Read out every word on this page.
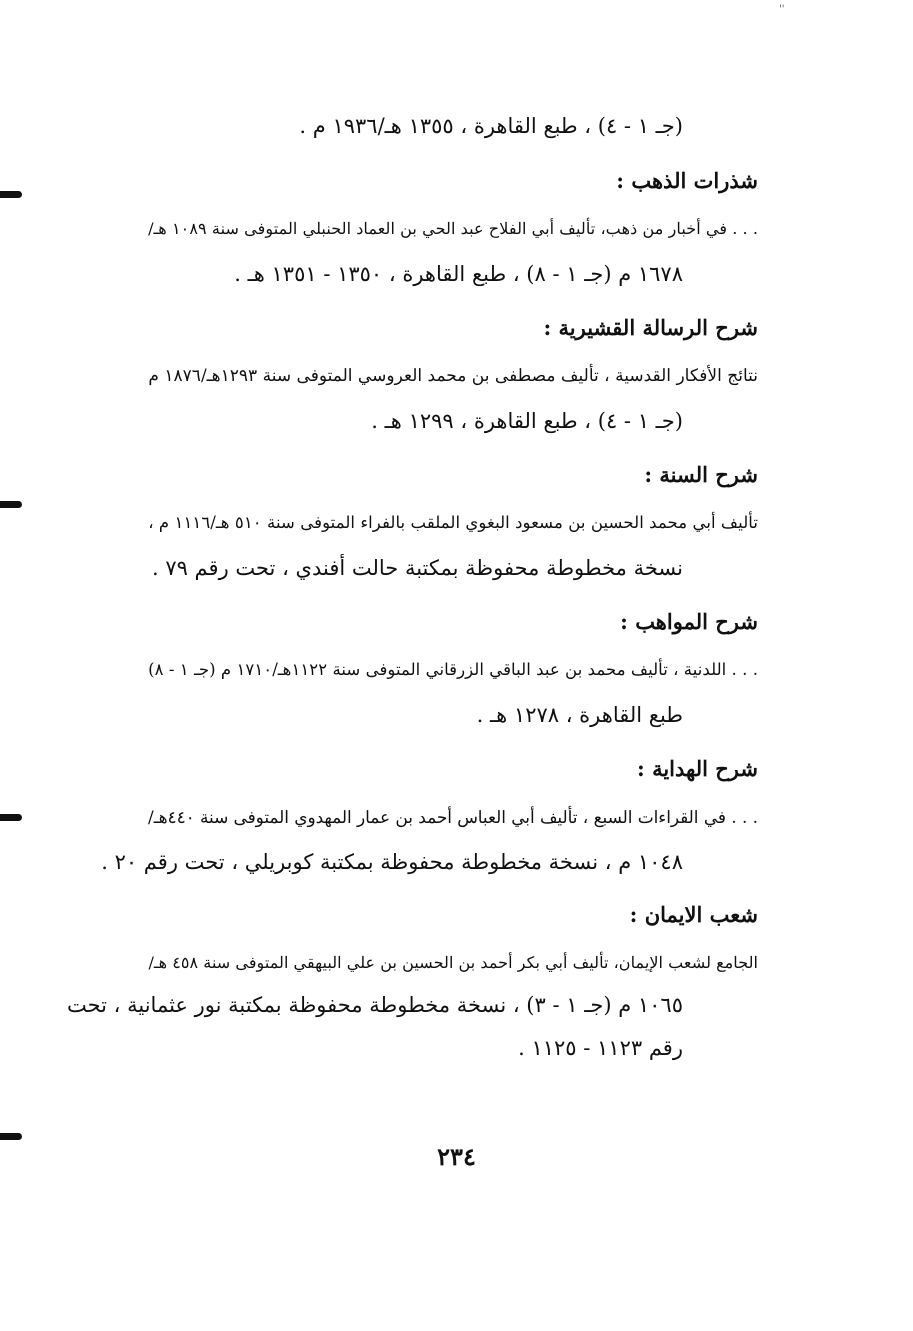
''
(جـ ١ - ٤) ، طبع القاهرة ، ١٣٥٥ هـ/١٩٣٦ م .
شذرات الذهب :
. . . في أخبار من ذهب، تأليف أبي الفلاح عبد الحي بن العماد الحنبلي المتوفى سنة ١٠٨٩ هـ/
١٦٧٨ م (جـ ١ - ٨) ، طبع القاهرة ، ١٣٥٠ - ١٣٥١ هـ .
شرح الرسالة القشيرية :
نتائج الأفكار القدسية ، تأليف مصطفى بن محمد العروسي المتوفى سنة ١٢٩٣هـ/١٨٧٦ م
(جـ ١ - ٤) ، طبع القاهرة ، ١٢٩٩ هـ .
شرح السنة :
تأليف أبي محمد الحسين بن مسعود البغوي الملقب بالفراء المتوفى سنة ٥١٠ هـ/١١١٦ م ،
نسخة مخطوطة محفوظة بمكتبة حالت أفندي ، تحت رقم ٧٩ .
شرح المواهب :
. . . اللدنية ، تأليف محمد بن عبد الباقي الزرقاني المتوفى سنة ١١٢٢هـ/١٧١٠ م (جـ ١ - ٨)
طبع القاهرة ، ١٢٧٨ هـ .
شرح الهداية :
. . . في القراءات السبع ، تأليف أبي العباس أحمد بن عمار المهدوي المتوفى سنة ٤٤٠هـ/
١٠٤٨ م ، نسخة مخطوطة محفوظة بمكتبة كوبريلي ، تحت رقم ٢٠ .
شعب الايمان :
الجامع لشعب الإيمان، تأليف أبي بكر أحمد بن الحسين بن علي البيهقي المتوفى سنة ٤٥٨ هـ/
١٠٦٥ م (جـ ١ - ٣) ، نسخة مخطوطة محفوظة بمكتبة نور عثمانية ، تحت
رقم ١١٢٣ - ١١٢٥ .
٢٣٤
